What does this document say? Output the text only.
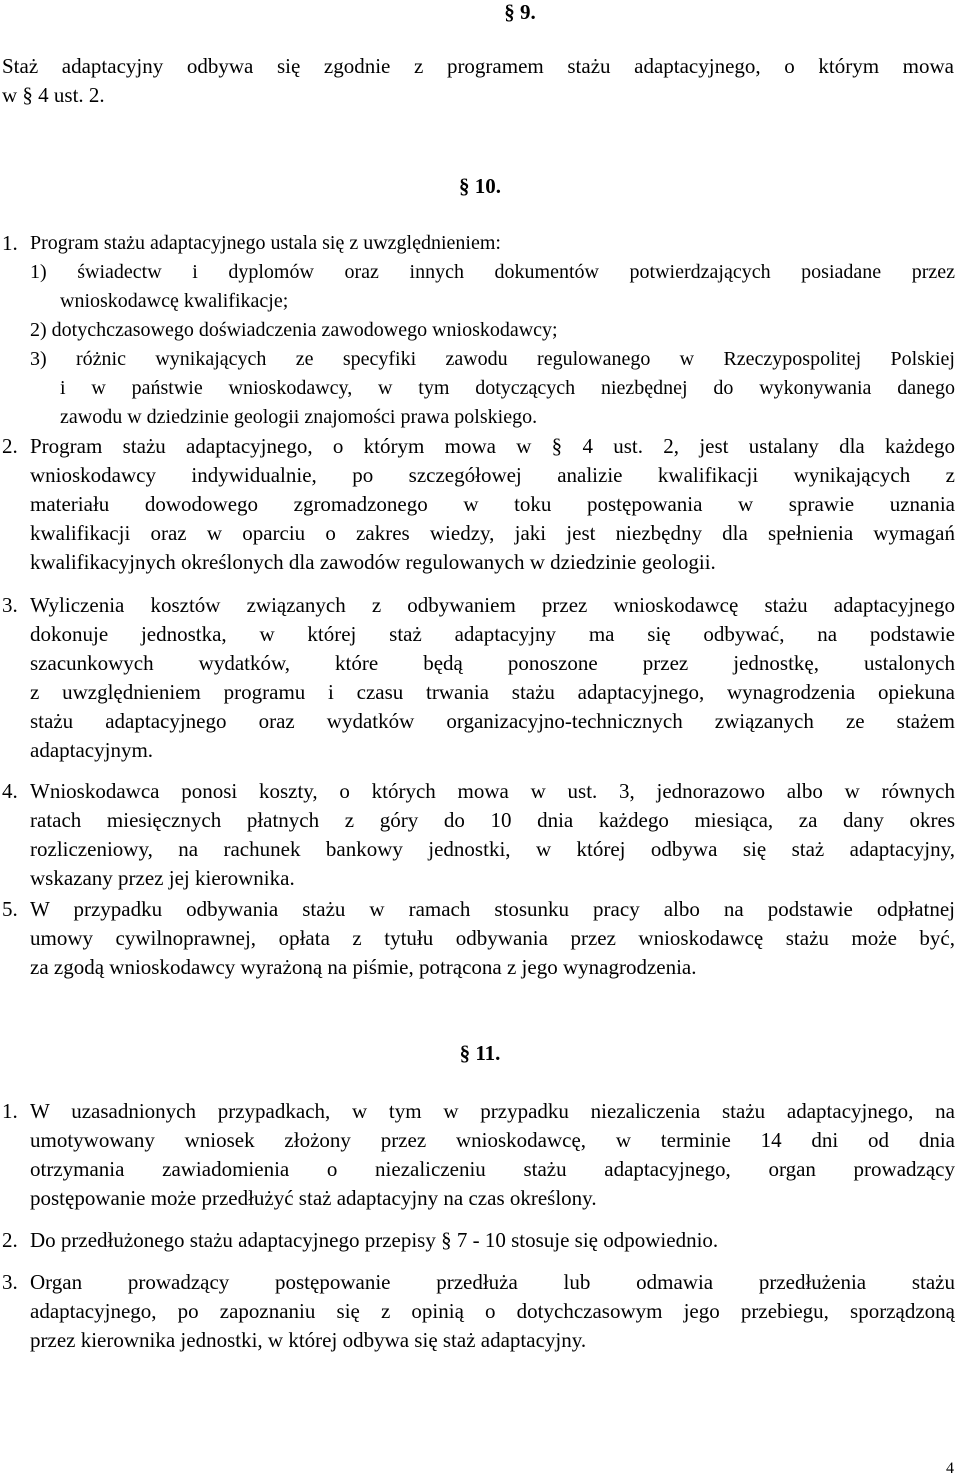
§ 9.
Staż adaptacyjny odbywa się zgodnie z programem stażu adaptacyjnego, o którym mowa
w § 4 ust. 2.
§ 10.
1. Program stażu adaptacyjnego ustala się z uwzględnieniem:
1) świadectw i dyplomów oraz innych dokumentów potwierdzających posiadane przez
wnioskodawcę kwalifikacje;
2) dotychczasowego doświadczenia zawodowego wnioskodawcy;
3) różnic wynikających ze specyfiki zawodu regulowanego w Rzeczypospolitej Polskiej
i w państwie wnioskodawcy, w tym dotyczących niezbędnej do wykonywania danego
zawodu w dziedzinie geologii znajomości prawa polskiego.
2. Program stażu adaptacyjnego, o którym mowa w § 4 ust. 2, jest ustalany dla każdego
wnioskodawcy indywidualnie, po szczegółowej analizie kwalifikacji wynikających z
materiału dowodowego zgromadzonego w toku postępowania w sprawie uznania
kwalifikacji oraz w oparciu o zakres wiedzy, jaki jest niezbędny dla spełnienia wymagań
kwalifikacyjnych określonych dla zawodów regulowanych w dziedzinie geologii.
3. Wyliczenia kosztów związanych z odbywaniem przez wnioskodawcę stażu adaptacyjnego
dokonuje jednostka, w której staż adaptacyjny ma się odbywać, na podstawie
szacunkowych wydatków, które będą ponoszone przez jednostkę, ustalonych
z uwzględnieniem programu i czasu trwania stażu adaptacyjnego, wynagrodzenia opiekuna
stażu adaptacyjnego oraz wydatków organizacyjno-technicznych związanych ze stażem
adaptacyjnym.
4. Wnioskodawca ponosi koszty, o których mowa w ust. 3, jednorazowo albo w równych
ratach miesięcznych płatnych z góry do 10 dnia każdego miesiąca, za dany okres
rozliczeniowy, na rachunek bankowy jednostki, w której odbywa się staż adaptacyjny,
wskazany przez jej kierownika.
5. W przypadku odbywania stażu w ramach stosunku pracy albo na podstawie odpłatnej
umowy cywilnoprawnej, opłata z tytułu odbywania przez wnioskodawcę stażu może być,
za zgodą wnioskodawcy wyrażoną na piśmie, potrącona z jego wynagrodzenia.
§ 11.
1. W uzasadnionych przypadkach, w tym w przypadku niezaliczenia stażu adaptacyjnego, na
umotywowany wniosek złożony przez wnioskodawcę, w terminie 14 dni od dnia
otrzymania zawiadomienia o niezaliczeniu stażu adaptacyjnego, organ prowadzący
postępowanie może przedłużyć staż adaptacyjny na czas określony.
2. Do przedłużonego stażu adaptacyjnego przepisy § 7 - 10 stosuje się odpowiednio.
3. Organ prowadzący postępowanie przedłuża lub odmawia przedłużenia stażu
adaptacyjnego, po zapoznaniu się z opinią o dotychczasowym jego przebiegu, sporządzoną
przez kierownika jednostki, w której odbywa się staż adaptacyjny.
4
